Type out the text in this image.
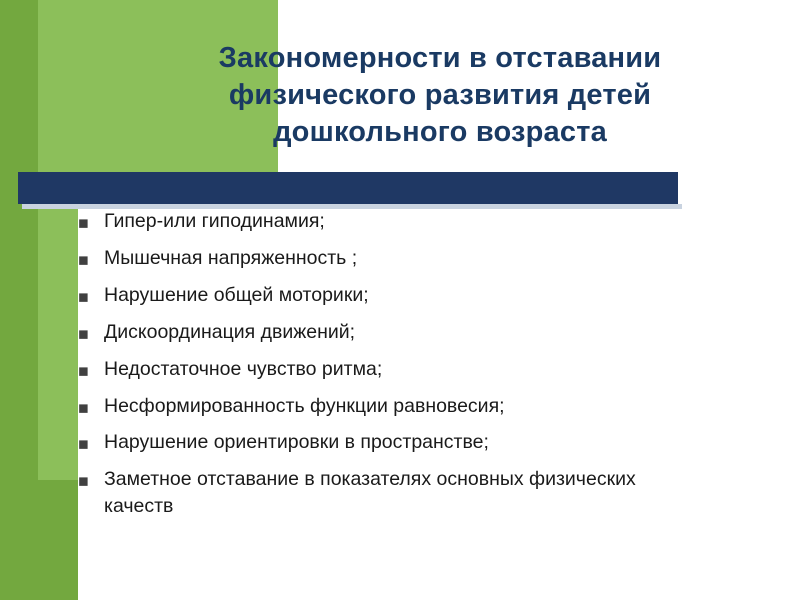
Закономерности в отставании физического развития детей дошкольного возраста
◼ Гипер-или гиподинамия;
◼ Мышечная напряженность ;
◼ Нарушение общей моторики;
◼ Дискоординация движений;
◼ Недостаточное чувство ритма;
◼ Несформированность функции равновесия;
◼ Нарушение ориентировки в пространстве;
◼ Заметное отставание в показателях основных физических качеств
